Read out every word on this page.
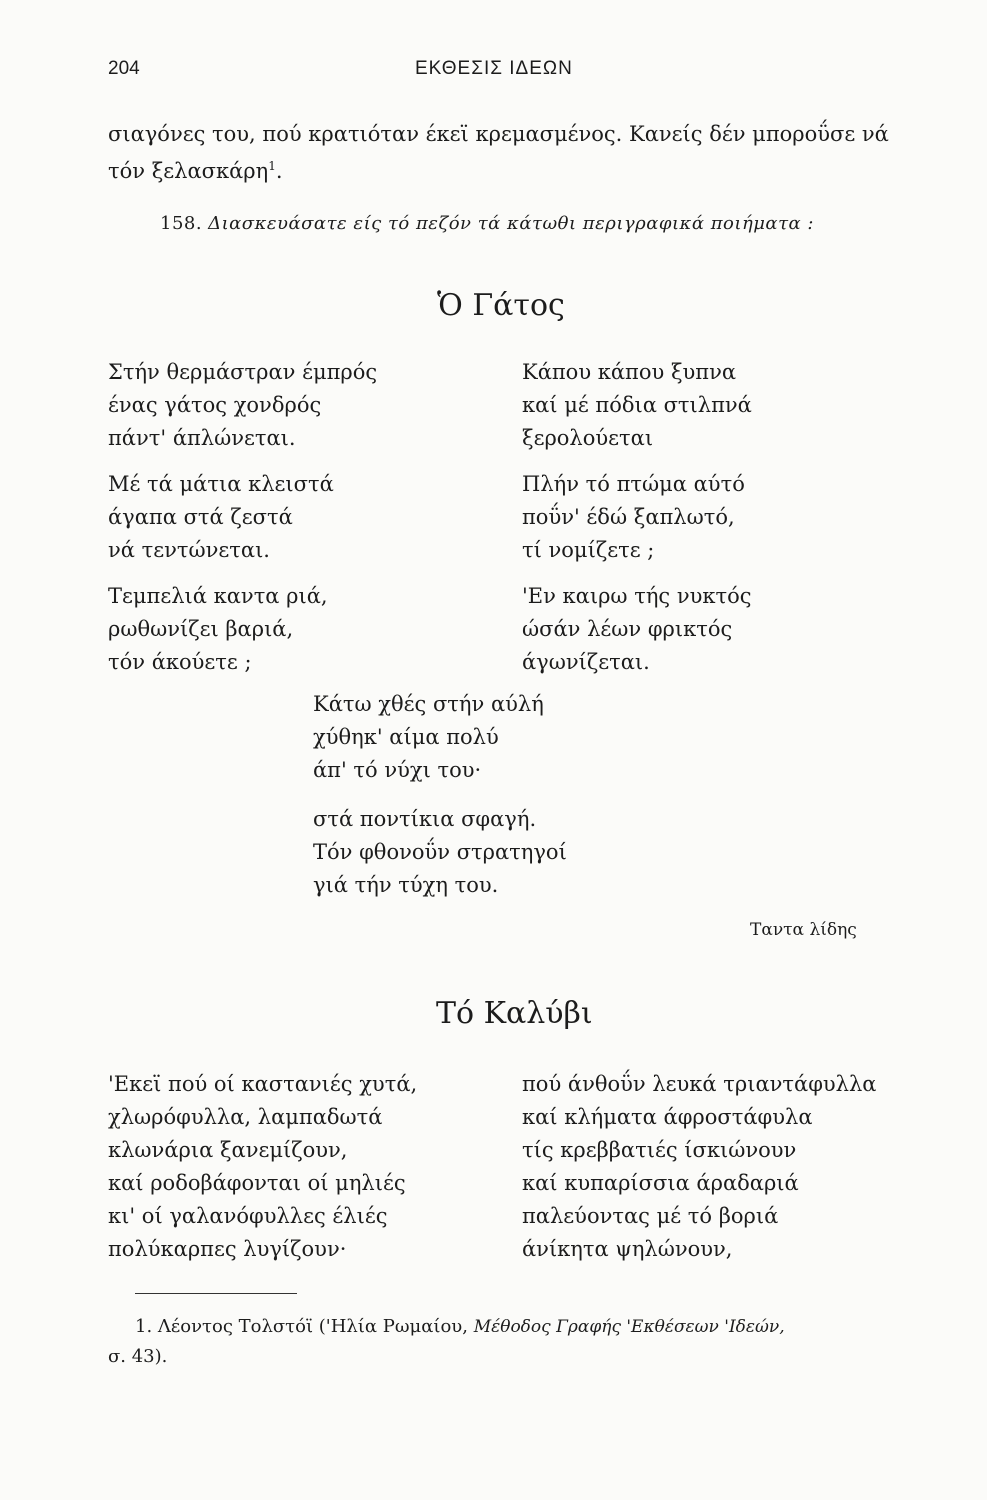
204	ΕΚΘΕΣΙΣ ΙΔΕΩΝ
σιαγόνες του, πού κρατιόταν έκεϊ κρεμασμένος. Κανείς δέν μποροΰσε νά
τόν ξελασκάρη$^1$.
158. Διασκευάσατε είς τό πεζόν τά κάτωθι περιγραφικά ποιήματα :
Ὁ Γάτος
Στήν θερμάστραν έμπρός
ένας γάτος χονδρός
πάντ' άπλώνεται.
Μέ τά μάτια κλειστά
άγαπα στά ζεστά
νά τεντώνεται.
Τεμπελιά καντα ριά,
ρωθωνίζει βαριά,
τόν άκούετε ;
Κάπου κάπου ξυπνα
καί μέ πόδια στιλπνά
ξερολούεται
Πλήν τό πτώμα αύτό
ποΰν' έδώ ξαπλωτό,
τί νομίζετε ;
'Εν καιρω τής νυκτός
ώσάν λέων φρικτός
άγωνίζεται.
Κάτω χθές στήν αύλή
χύθηκ' αίμα πολύ
άπ' τό νύχι του·
στά ποντίκια σφαγή.
Τόν φθονοΰν στρατηγοί
γιά τήν τύχη του.
Ταντα λίδης
Τό Καλύβι
'Εκεϊ πού οί καστανιές χυτά,
χλωρόφυλλα, λαμπαδωτά
κλωνάρια ξανεμίζουν,
καί ροδοβάφονται οί μηλιές
κι' οί γαλανόφυλλες έλιές
πολύκαρπες λυγίζουν·
πού άνθοΰν λευκά τριαντάφυλλα
καί κλήματα άφροστάφυλα
τίς κρεββατιές ίσκιώνουν
καί κυπαρίσσια άραδαριά
παλεύοντας μέ τό βοριά
άνίκητα ψηλώνουν,
1. Λέοντος Τολστόϊ ('Ηλία Ρωμαίου, Μέθοδος Γραφής 'Εκθέσεων 'Ιδεών,
σ. 43).
